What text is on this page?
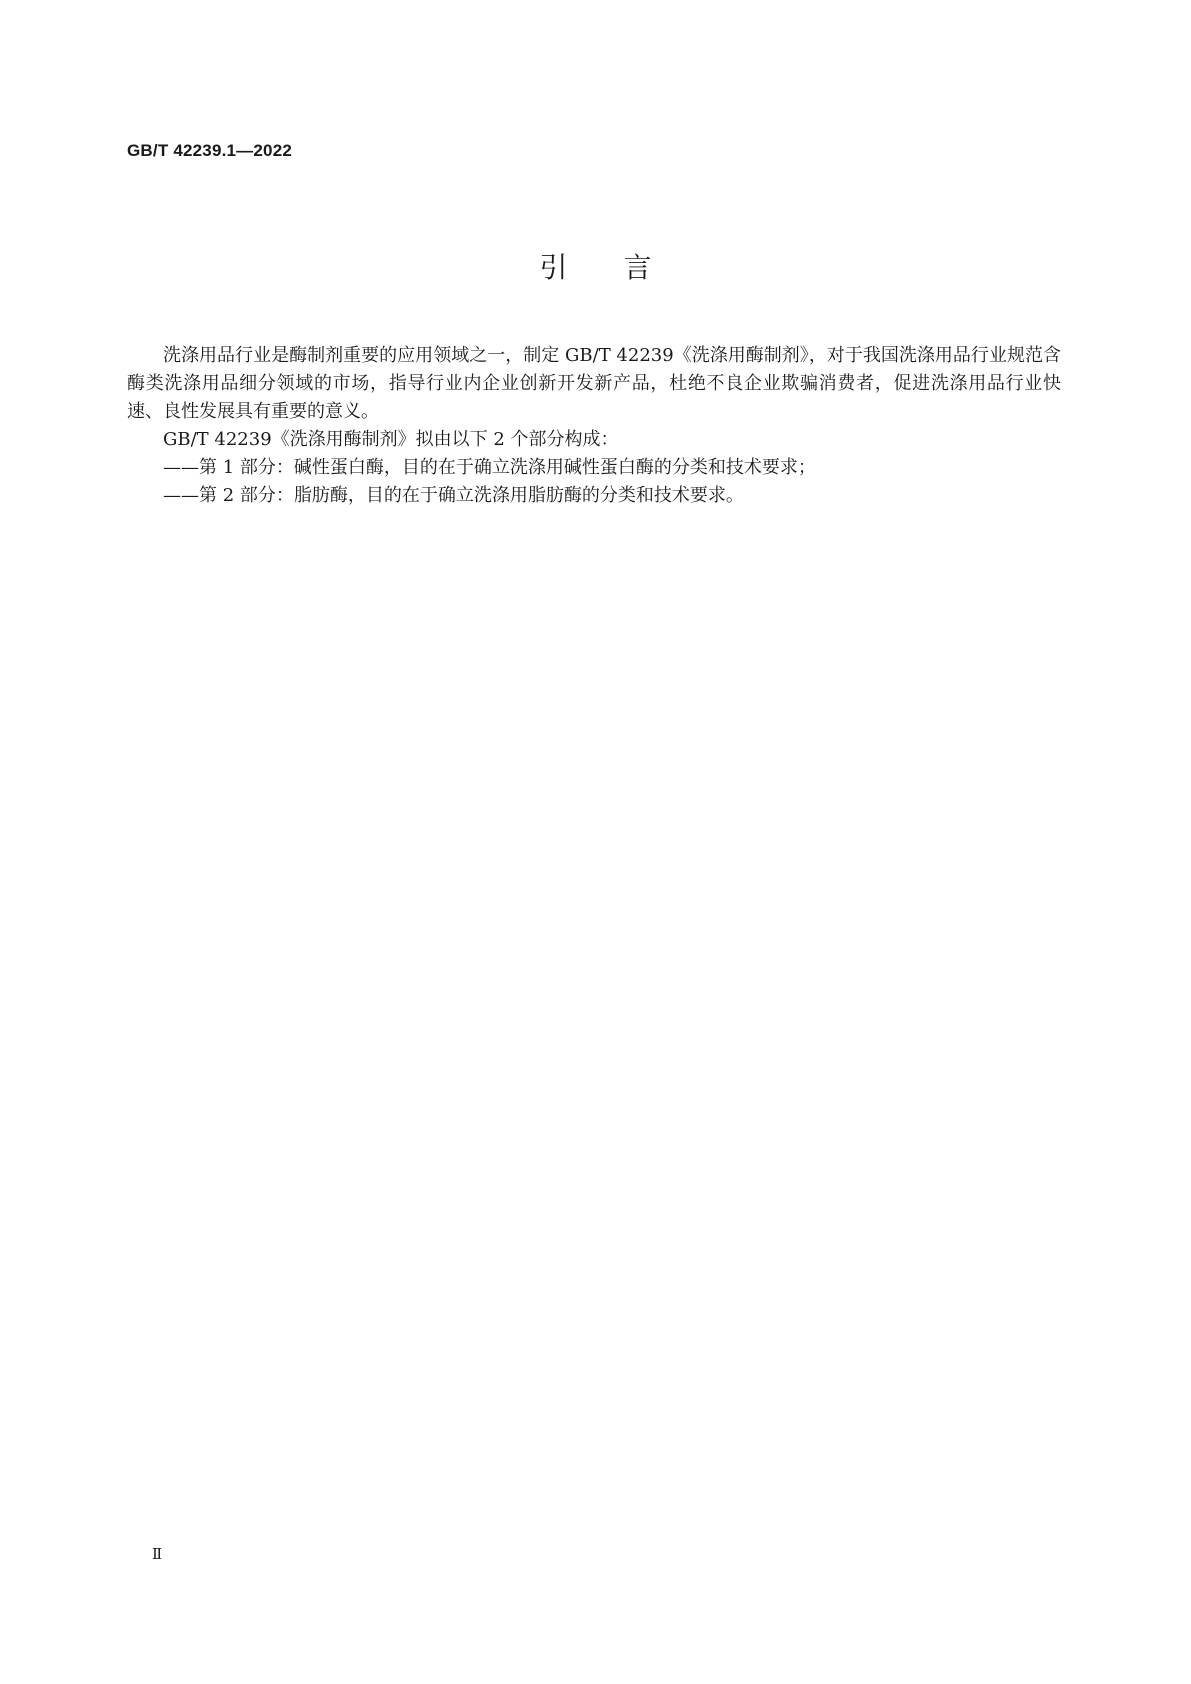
GB/T 42239.1—2022
引言

洗涤用品行业是酶制剂重要的应用领域之一，制定 GB/T 42239《洗涤用酶制剂》，对于我国洗涤用品行业规范含酶类洗涤用品细分领域的市场，指导行业内企业创新开发新产品，杜绝不良企业欺骗消费者，促进洗涤用品行业快速、良性发展具有重要的意义。

GB/T 42239《洗涤用酶制剂》拟由以下 2 个部分构成：

——第 1 部分：碱性蛋白酶，目的在于确立洗涤用碱性蛋白酶的分类和技术要求；

——第 2 部分：脂肪酶，目的在于确立洗涤用脂肪酶的分类和技术要求。

Ⅱ
